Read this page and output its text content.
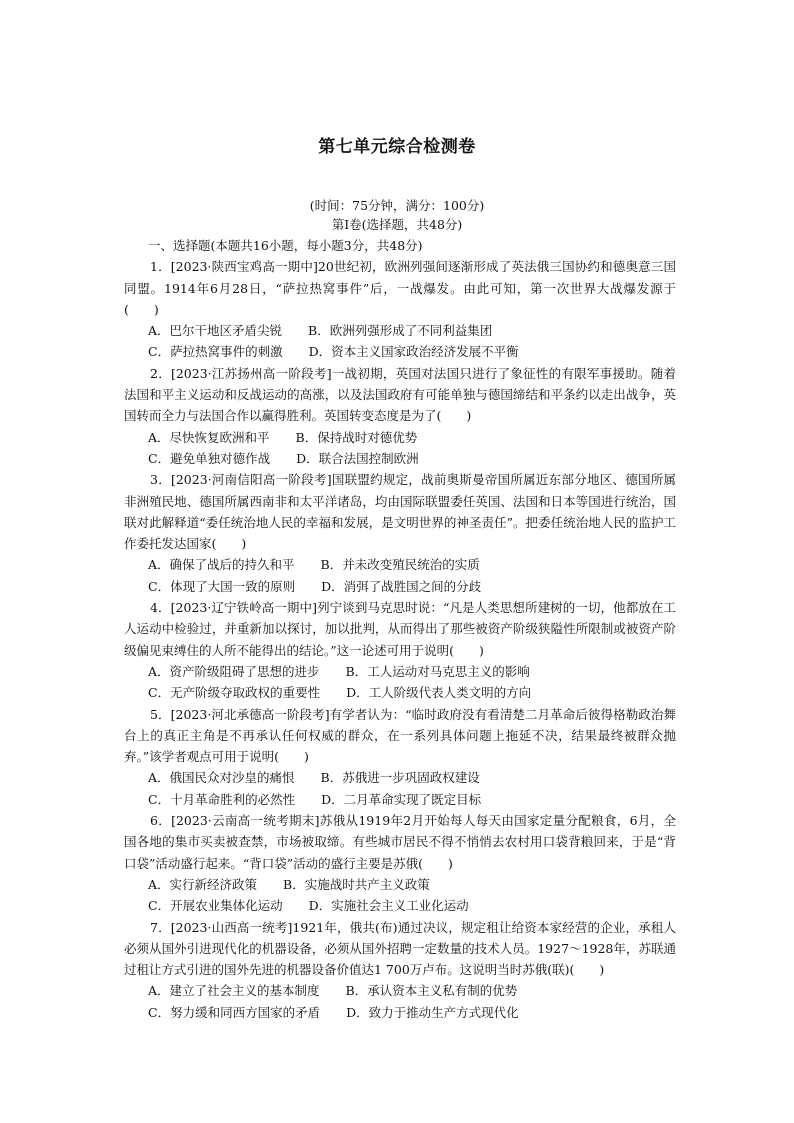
第七单元综合检测卷
(时间：75分钟，满分：100分)
第Ⅰ卷(选择题，共48分)

一、选择题(本题共16小题，每小题3分，共48分)

1．[2023·陕西宝鸡高一期中]20世纪初，欧洲列强间逐渐形成了英法俄三国协约和德奥意三国同盟。1914年6月28日，“萨拉热窝事件”后，一战爆发。由此可知，第一次世界大战爆发源于(　　)

A．巴尔干地区矛盾尖锐 B．欧洲列强形成了不同利益集团
C．萨拉热窝事件的刺激 D．资本主义国家政治经济发展不平衡

2．[2023·江苏扬州高一阶段考]一战初期，英国对法国只进行了象征性的有限军事援助。随着法国和平主义运动和反战运动的高涨，以及法国政府有可能单独与德国缔结和平条约以走出战争，英国转而全力与法国合作以赢得胜利。英国转变态度是为了(　　)

A．尽快恢复欧洲和平 B．保持战时对德优势
C．避免单独对德作战 D．联合法国控制欧洲

3．[2023·河南信阳高一阶段考]国联盟约规定，战前奥斯曼帝国所属近东部分地区、德国所属非洲殖民地、德国所属西南非和太平洋诸岛，均由国际联盟委任英国、法国和日本等国进行统治，国联对此解释道“委任统治地人民的幸福和发展，是文明世界的神圣责任”。把委任统治地人民的监护工作委托发达国家(　　)

A．确保了战后的持久和平 B．并未改变殖民统治的实质
C．体现了大国一致的原则 D．消弭了战胜国之间的分歧

4．[2023·辽宁铁岭高一期中]列宁谈到马克思时说：“凡是人类思想所建树的一切，他都放在工人运动中检验过，并重新加以探讨，加以批判，从而得出了那些被资产阶级狭隘性所限制或被资产阶级偏见束缚住的人所不能得出的结论。”这一论述可用于说明(　　)

A．资产阶级阻碍了思想的进步 B．工人运动对马克思主义的影响
C．无产阶级夺取政权的重要性 D．工人阶级代表人类文明的方向

5．[2023·河北承德高一阶段考]有学者认为：“临时政府没有看清楚二月革命后彼得格勒政治舞台上的真正主角是不再承认任何权威的群众，在一系列具体问题上拖延不决，结果最终被群众抛弃。”该学者观点可用于说明(　　)

A．俄国民众对沙皇的痛恨 B．苏俄进一步巩固政权建设
C．十月革命胜利的必然性 D．二月革命实现了既定目标

6．[2023·云南高一统考期末]苏俄从1919年2月开始每人每天由国家定量分配粮食，6月，全国各地的集市买卖被查禁，市场被取缔。有些城市居民不得不悄悄去农村用口袋背粮回来，于是“背口袋”活动盛行起来。“背口袋”活动的盛行主要是苏俄(　　)

A．实行新经济政策 B．实施战时共产主义政策
C．开展农业集体化运动 D．实施社会主义工业化运动

7．[2023·山西高一统考]1921年，俄共(布)通过决议，规定租让给资本家经营的企业，承租人必须从国外引进现代化的机器设备，必须从国外招聘一定数量的技术人员。1927～1928年，苏联通过租让方式引进的国外先进的机器设备价值达1 700万卢布。这说明当时苏俄(联)(　　)

A．建立了社会主义的基本制度 B．承认资本主义私有制的优势
C．努力缓和同西方国家的矛盾 D．致力于推动生产方式现代化
